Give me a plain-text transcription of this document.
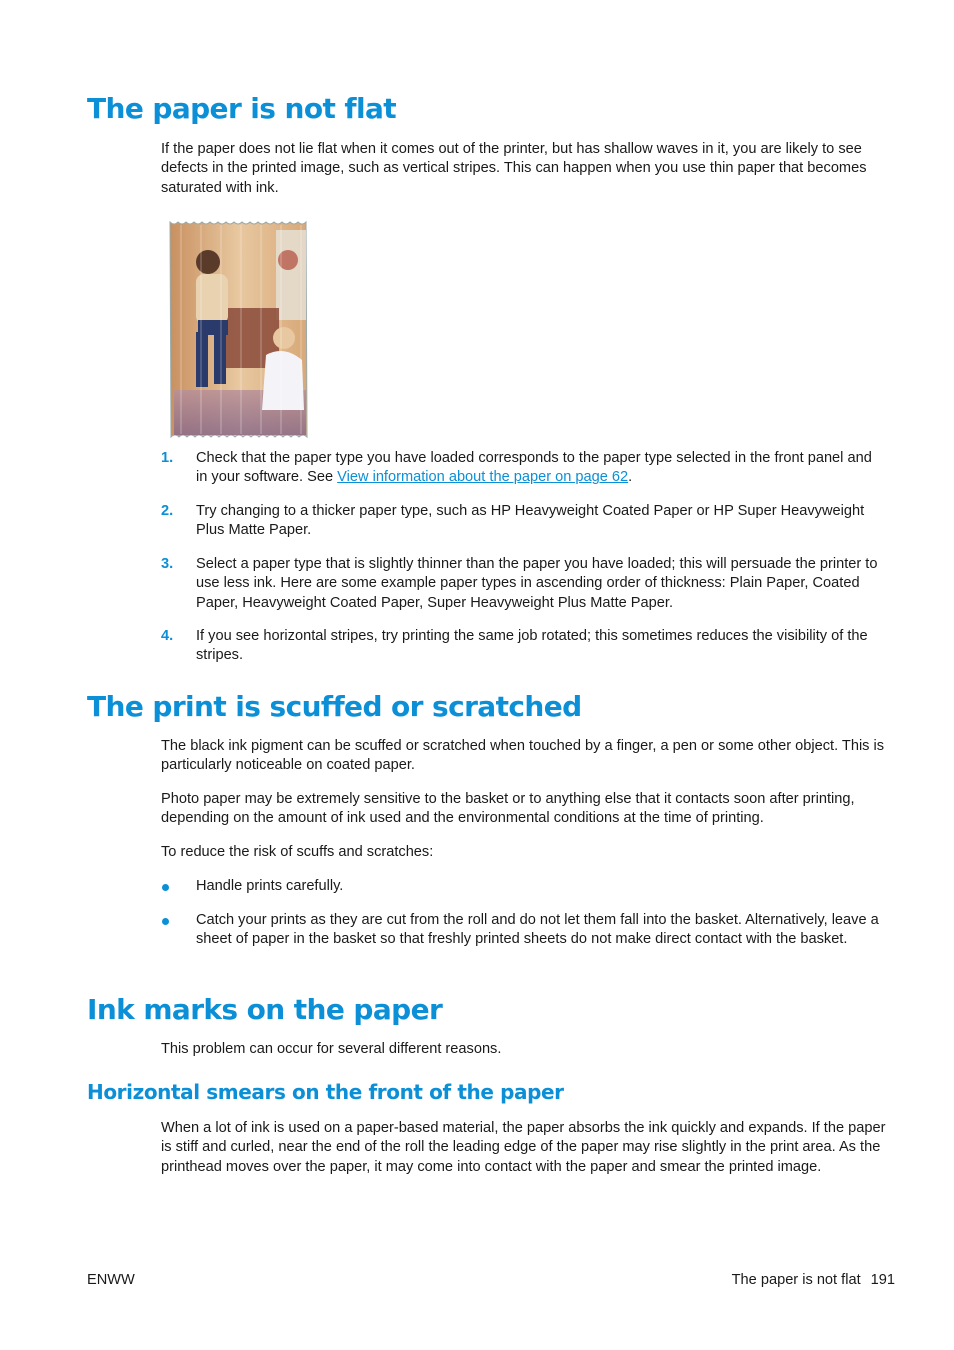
The paper is not flat

If the paper does not lie flat when it comes out of the printer, but has shallow waves in it, you are likely to see defects in the printed image, such as vertical stripes. This can happen when you use thin paper that becomes saturated with ink.

1. Check that the paper type you have loaded corresponds to the paper type selected in the front panel and in your software. See View information about the paper on page 62.
2. Try changing to a thicker paper type, such as HP Heavyweight Coated Paper or HP Super Heavyweight Plus Matte Paper.
3. Select a paper type that is slightly thinner than the paper you have loaded; this will persuade the printer to use less ink. Here are some example paper types in ascending order of thickness: Plain Paper, Coated Paper, Heavyweight Coated Paper, Super Heavyweight Plus Matte Paper.
4. If you see horizontal stripes, try printing the same job rotated; this sometimes reduces the visibility of the stripes.
The print is scuffed or scratched

The black ink pigment can be scuffed or scratched when touched by a finger, a pen or some other object. This is particularly noticeable on coated paper.

Photo paper may be extremely sensitive to the basket or to anything else that it contacts soon after printing, depending on the amount of ink used and the environmental conditions at the time of printing.

To reduce the risk of scuffs and scratches:

Handle prints carefully.
Catch your prints as they are cut from the roll and do not let them fall into the basket. Alternatively, leave a sheet of paper in the basket so that freshly printed sheets do not make direct contact with the basket.
Ink marks on the paper

This problem can occur for several different reasons.

Horizontal smears on the front of the paper

When a lot of ink is used on a paper-based material, the paper absorbs the ink quickly and expands. If the paper is stiff and curled, near the end of the roll the leading edge of the paper may rise slightly in the print area. As the printhead moves over the paper, it may come into contact with the paper and smear the printed image.

ENWW	The paper is not flat 191
